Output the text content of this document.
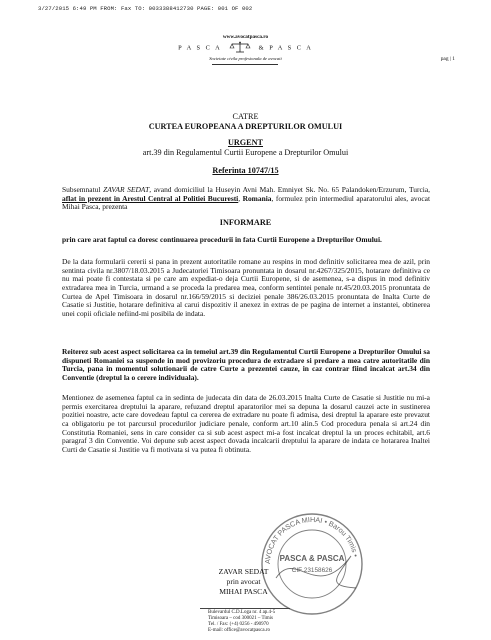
3/27/2015 6:49 PM FROM: Fax TO: 0033388412730 PAGE: 001 OF 002
www.avocatpasca.ro
P A S C A	& P A S C A
Societate civila profesionala de avocati	pag | 1
CATRE
CURTEA EUROPEANA A DREPTURILOR OMULUI
URGENT
art.39 din Regulamentul Curtii Europene a Drepturilor Omului
Referinta 10747/15

Subsemnatul ZAVAR SEDAT, avand domiciliul la Huseyin Avni Mah. Emniyet Sk. No. 65 Palandoken/Erzurum, Turcia, aflat in prezent in Arestul Central al Politiei Bucuresti, Romania, formulez prin intermediul aparatorului ales, avocat Mihai Pasca, prezenta

INFORMARE

prin care arat faptul ca doresc continuarea procedurii in fata Curtii Europene a Drepturilor Omului.

De la data formularii cererii si pana in prezent autoritatile romane au respins in mod definitiv solicitarea mea de azil, prin sentinta civila nr.3807/18.03.2015 a Judecatoriei Timisoara pronuntata in dosarul nr.4267/325/2015, hotarare definitiva ce nu mai poate fi contestata si pe care am expediat-o deja Curtii Europene, si de asemenea, s-a dispus in mod definitiv extradarea mea in Turcia, urmand a se proceda la predarea mea, conform sentintei penale nr.45/20.03.2015 pronuntata de Curtea de Apel Timisoara in dosarul nr.166/59/2015 si deciziei penale 386/26.03.2015 pronuntata de Inalta Curte de Casatie si Justitie, hotarare definitiva al carui dispozitiv il anexez in extras de pe pagina de internet a instantei, obtinerea unei copii oficiale nefiind-mi posibila de indata.

Reiterez sub acest aspect solicitarea ca in temeiul art.39 din Regulamentul Curtii Europene a Drepturilor Omului sa dispuneti Romaniei sa suspende in mod provizoriu procedura de extradare si predare a mea catre autoritatile din Turcia, pana in momentul solutionarii de catre Curte a prezentei cauze, in caz contrar fiind incalcat art.34 din Conventie (dreptul la o cerere individuala).

Mentionez de asemenea faptul ca in sedinta de judecata din data de 26.03.2015 Inalta Curte de Casatie si Justitie nu mi-a permis exercitarea dreptului la aparare, refuzand dreptul aparatorilor mei sa depuna la dosarul cauzei acte in sustinerea pozitiei noastre, acte care dovedeau faptul ca cererea de extradare nu poate fi admisa, desi dreptul la aparare este prevazut ca obligatoriu pe tot parcursul procedurilor judiciare penale, conform art.10 alin.5 Cod procedura penala si art.24 din Constitutia Romaniei, sens in care consider ca si sub acest aspect mi-a fost incalcat dreptul la un proces echitabil, art.6 paragraf 3 din Conventie. Voi depune sub acest aspect dovada incalcarii dreptului la aparare de indata ce hotararea Inaltei Curti de Casatie si Justitie va fi motivata si va putea fi obtinuta.

AVOCAT PASCA MIHAI • Barou Timis •
PASCA & PASCA
CIF 23158626
ZAVAR SEDAT
prin avocat
MIHAI PASCA
Bulevardul C.D.Loga nr. 4 ap.4-5
Timisoara – cod 300021 – Timis
Tel. / Fax: (+4) 0256 - 490970
E-mail: office@avocatpasca.ro
